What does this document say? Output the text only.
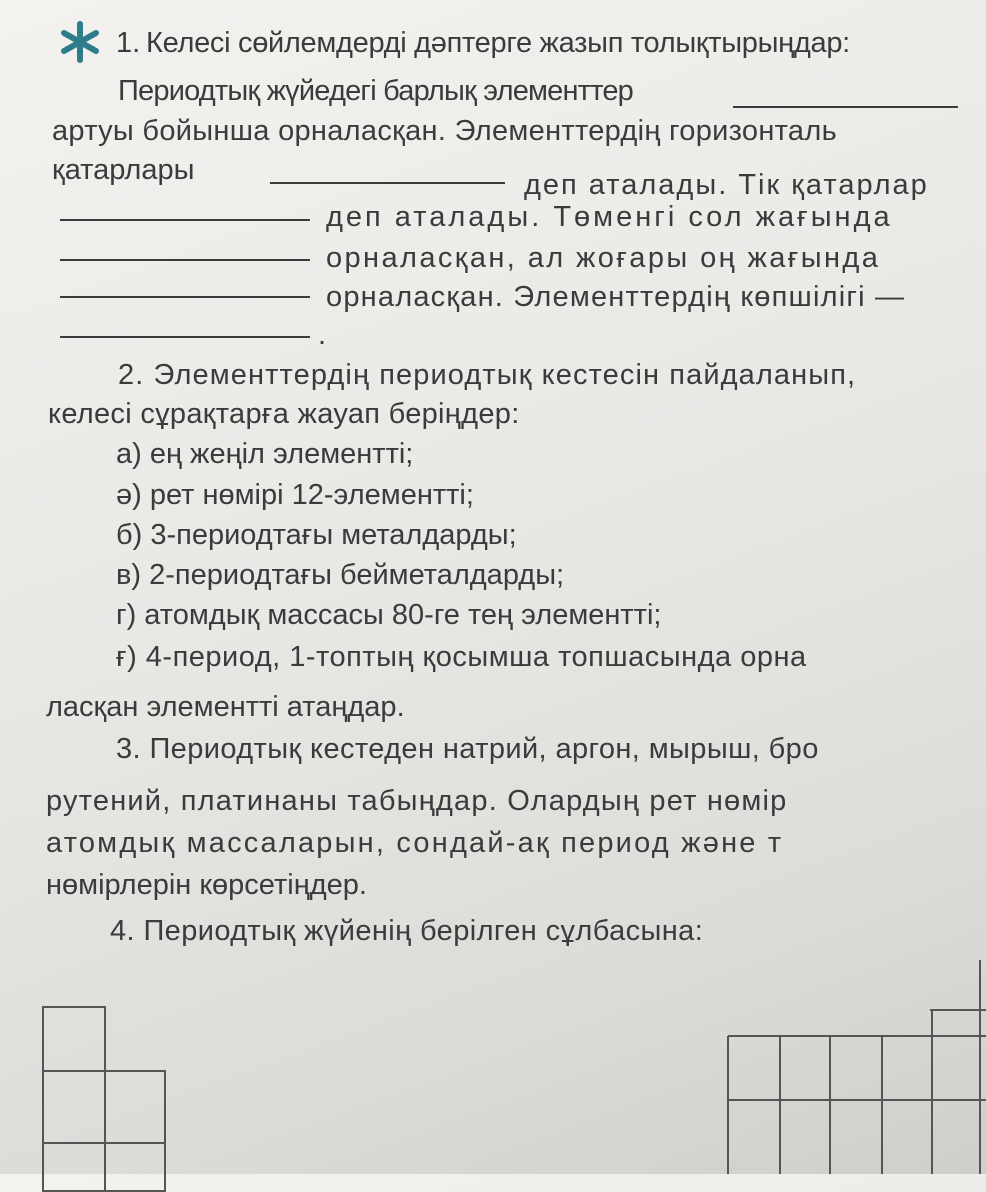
1. Келесі сөйлемдерді дәптерге жазып толықтырыңдар:
Периодтық жүйедегі барлық элементтер
артуы бойынша орналасқан. Элементтердің горизонталь
қатарлары	деп аталады. Тік қатарлар
деп аталады. Төменгі сол жағында
орналасқан, ал жоғары оң жағында
орналасқан. Элементтердің көпшілігі —
.
2. Элементтердің периодтық кестесін пайдаланып,
келесі сұрақтарға жауап беріңдер:
а) ең жеңіл элементті;
ә) рет нөмірі 12-элементті;
б) 3-периодтағы металдарды;
в) 2-периодтағы бейметалдарды;
г) атомдық массасы 80-ге тең элементті;
ғ) 4-период, 1-топтың қосымша топшасында орна
ласқан элементті атаңдар.
3. Периодтық кестеден натрий, аргон, мырыш, бро
рутений, платинаны табыңдар. Олардың рет нөмір
атомдық массаларын, сондай-ақ период және т
нөмірлерін көрсетіңдер.
4. Периодтық жүйенің берілген сұлбасына:
